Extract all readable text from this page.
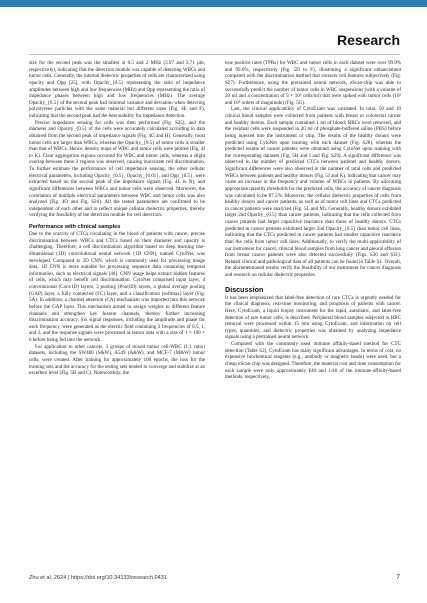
Research

size for the second peak was the smallest at 0.5 and 2 MHz (3.97 and 3.71 μm, respectively), indicating that the detection module was capable of detecting WBCs and tumor cells. Generally, the internal dielectric properties of cells are characterized using opacity and Opp [25], with Opacity_{0.5} representing the ratio of impedance amplitudes between high and low frequencies (MHz) and Opp representing the ratio of impedance phases between high and low frequencies (MHz). The average Opacity_{0.5} of the second peak had minimal variance and deviation when detecting polystyrene particles with the same material but different sizes (Fig. 4E and F), indicating that the second peak had the best stability for impedance detection.

Precise impedance sensing for cells was then performed (Fig. S25), and the diameter and Opacity_{0.5} of the cells were accurately calculated according to data obtained from the second peak of impedance signals (Fig. 4G and H). Generally, most tumor cells are larger than WBCs, whereas the Opacity_{0.5} of tumor cells is smaller than that of WBCs. Hence, density maps of WBC and tumor cells were plotted (Fig. 4I to K). Clear aggregation regions occurred for WBC and tumor cells, whereas a slight overlap between these 2 regions was observed, causing inaccurate cell discrimination. To further estimate the performance of cell impedance sensing, the other cellular electrical parameters, including Opacity_{0.5}, Opacity_{0.01}, and Opp_{0.5}, were extracted based on the second peak of the impedance signals (Fig. 4L to N), and significant differences between WBCs and tumor cells were observed. Moreover, the correlation of multiple electrical parameters between WBC and tumor cells was also analyzed (Fig. 4O and Fig. S26). All the tested parameters are confirmed to be independent of each other and to reflect unique cellular dielectric properties, thereby verifying the feasibility of the detection module for cell detection.

Performance with clinical samples

Due to the scarcity of CTCs circulating in the blood of patients with cancer, precise discrimination between WBCs and CTCs based on their diameter and opacity is challenging. Therefore, a cell discrimination algorithm based on deep learning one-dimensional (1D) convolutional neural network (1D CNN), named CytoNet, was developed. Compared to 2D CNN, which is commonly used for processing image data, 1D CNN is more suitable for processing sequence data containing temporal information, such as electrical signals [46]. CNN usage helps extract hidden features of cells, which may benefit cell discrimination. CytoNet comprised input layer, 4 convolutional (Conv1D) layers, 3 pooling (Pool1D) layers, a global average pooling (GAP) layer, a fully connected (FC) layer, and a classification (softmax) layer (Fig. 5A). In addition, a channel attention (CA) mechanism was imported into this network before the GAP layer. This mechanism aimed to assign weights to different feature channels and strengthen key feature channels, thereby further increasing discrimination accuracy. Six signal responses, including the amplitude and phase for each frequency, were generated as the electric field containing 3 frequencies of 0.5, 1, and 2, and the response signals were processed as tensor data with a size of 1 × 100 × 6 before being fed into the network.

For application to other cancers, 3 groups of mixed tumor cell-WBC (1:1 ratio) datasets, including the SW480 (S&W), A549 (A&W), and MCF-7 (M&W) tumor cells, were created. After training for approximately 100 epochs, the loss for the training sets and the accuracy for the testing sets tended to converge and stabilize at an excellent level (Fig. 5B and C). Noteworthily, the

true positive rates (TPRs) for WBC and tumor cells in each dataset were over 99.9% and 99.6%, respectively (Fig. 5D to F), illustrating a significant enhancement compared with the discrimination method that extracts cell features subjectively (Fig. S27). Furthermore, using the pretrained neural network, eScan-chip was able to successfully predict the number of tumor cells in WBC suspensions (with a volume of 20 ml and a concentration of 5 × 10⁶ cells/ml) that were spiked with tumor cells (10² and 10⁵ orders of magnitude) (Fig. 5G).

Last, the clinical applicability of CytoExam was validated. In total, 50 and 10 clinical blood samples were collected from patients with breast or colorectal cancer and healthy donors. Each sample contained 1 ml of blood; RBCs were removed, and the residual cells were suspended in 20 ml of phosphate-buffered saline (PBS) before being injected into the instrument or chip. The results of the healthy donors were predicted using CytoNet upon training with each dataset (Fig. S28), whereas the predicted results of cancer patients were obtained using CytoNet upon training with the corresponding datasets (Fig. 5H and I and Fig. S29). A significant difference was observed in the number of predicted CTCs between patients and healthy donors. Significant differences were also observed in the number of total cells and predicted WBCs between patients and healthy donors (Fig. 5J and K), indicating that cancer may cause an increase in the frequency and volume of WBCs in patients. By allocating appropriate quantity thresholds for the predicted cells, the accuracy of cancer diagnosis was calculated to be 87.5%. Moreover, the cellular dielectric properties of cells from healthy donors and cancer patients, as well as of tumor cell lines and CTCs predicted in cancer patients were analyzed (Fig. 5L and M). Generally, healthy donors exhibited larger 2nd Opacity_{0.5} than cancer patients, indicating that the cells collected from cancer patients had larger capacitive reactance than those of healthy donors. CTCs predicted in cancer patients exhibited larger 2nd Opacity_{0.5} than tumor cell lines, indicating that the CTCs predicted in cancer patients had smaller capacitive reactance than the cells from tumor cell lines. Additionally, to verify the multi-applicability of our instrument for cancer, clinical blood samples from lung cancer and pleural effusion from breast cancer patients were also detected successfully (Figs. S30 and S31). Related clinical and pathological data of all patients can be found in Table S1. Overall, the aforementioned results verify the feasibility of our instrument for cancer diagnosis and research on cellular dielectric properties.

Discussion

It has been emphasized that label-free detection of rare CTCs is urgently needed for the clinical diagnosis, real-time monitoring, and prognosis of patients with cancer. Here, CytoExam, a liquid biopsy instrument for the rapid, automatic, and label-free detection of rare tumor cells, is described. Peripheral blood samples subjected to RBC removal were processed within 15 min using CytoExam, and information on cell types, quantities, and dielectric properties was obtained by analyzing impedance signals using a pretrained neural network.

Compared with the commonly used immune affinity-based method for CTC detection (Table S2), CytoExam has many significant advantages. In terms of cost, no expensive biochemical reagents (e.g., antibody or magnetic beads) were used, but a cheap eScan-chip was designed. Therefore, the material cost and time consumption for each sample were only approximately ¥40 and 1/40 of the immune-affinity-based methods, respectively,

Zhu et al. 2024 | https://doi.org/10.34133/research.0431	7
